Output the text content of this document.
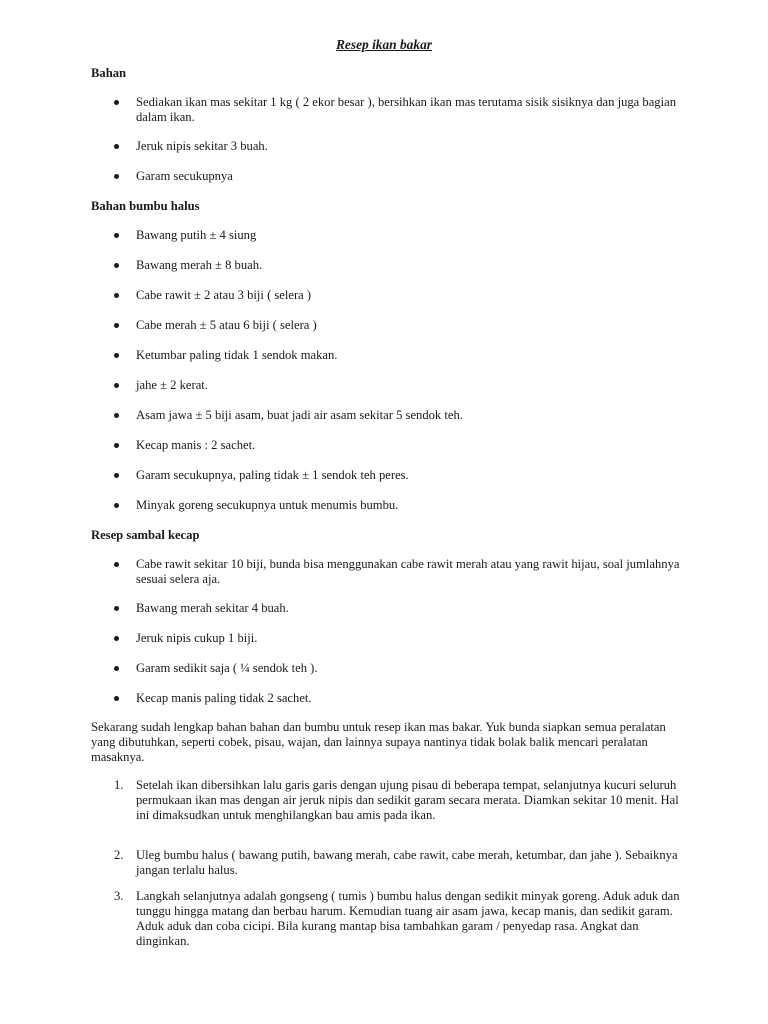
Resep ikan bakar
Bahan
Sediakan ikan mas sekitar 1 kg ( 2 ekor besar ), bersihkan ikan mas terutama sisik sisiknya dan juga bagian dalam ikan.
Jeruk nipis sekitar 3 buah.
Garam secukupnya
Bahan bumbu halus
Bawang putih ± 4 siung
Bawang merah ± 8 buah.
Cabe rawit ± 2 atau 3 biji ( selera )
Cabe merah ± 5 atau 6 biji ( selera )
Ketumbar paling tidak 1 sendok makan.
jahe ± 2 kerat.
Asam jawa ± 5 biji asam, buat jadi air asam sekitar 5 sendok teh.
Kecap manis : 2 sachet.
Garam secukupnya, paling tidak ± 1 sendok teh peres.
Minyak goreng secukupnya untuk menumis bumbu.
Resep sambal kecap
Cabe rawit sekitar 10 biji, bunda bisa menggunakan cabe rawit merah atau yang rawit hijau, soal jumlahnya sesuai selera aja.
Bawang merah sekitar 4 buah.
Jeruk nipis cukup 1 biji.
Garam sedikit saja ( ¼ sendok teh ).
Kecap manis paling tidak 2 sachet.
Sekarang sudah lengkap bahan bahan dan bumbu untuk resep ikan mas bakar. Yuk bunda siapkan semua peralatan yang dibutuhkan, seperti cobek, pisau, wajan, dan lainnya supaya nantinya tidak bolak balik mencari peralatan masaknya.
1. Setelah ikan dibersihkan lalu garis garis dengan ujung pisau di beberapa tempat, selanjutnya kucuri seluruh permukaan ikan mas dengan air jeruk nipis dan sedikit garam secara merata. Diamkan sekitar 10 menit. Hal ini dimaksudkan untuk menghilangkan bau amis pada ikan.
2. Uleg bumbu halus ( bawang putih, bawang merah, cabe rawit, cabe merah, ketumbar, dan jahe ). Sebaiknya jangan terlalu halus.
3. Langkah selanjutnya adalah gongseng ( tumis ) bumbu halus dengan sedikit minyak goreng. Aduk aduk dan tunggu hingga matang dan berbau harum. Kemudian tuang air asam jawa, kecap manis, dan sedikit garam. Aduk aduk dan coba cicipi. Bila kurang mantap bisa tambahkan garam / penyedap rasa. Angkat dan dinginkan.
